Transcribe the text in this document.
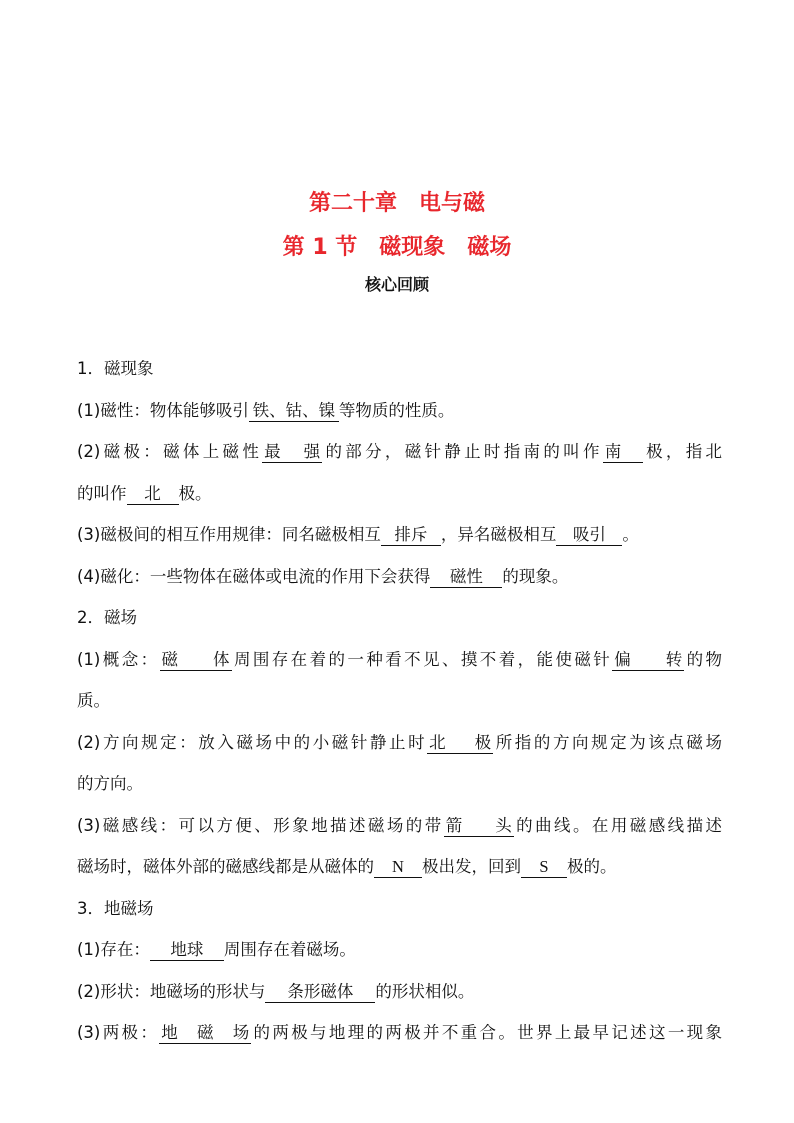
第二十章 电与磁
第 1 节 磁现象 磁场
核心回顾
1．磁现象
(1)磁性：物体能够吸引 铁、钴、镍 等物质的性质。
(2)磁极：磁体上磁性 最强 的部分，磁针静止时指南的叫作 南 极，指北
的叫作 北 极。
(3)磁极间的相互作用规律：同名磁极相互 排斥 ，异名磁极相互 吸引 。
(4)磁化：一些物体在磁体或电流的作用下会获得 磁性 的现象。
2．磁场
(1)概念： 磁体 周围存在着的一种看不见、摸不着，能使磁针 偏转 的物
质。
(2)方向规定：放入磁场中的小磁针静止时 北极 所指的方向规定为该点磁场
的方向。
(3)磁感线：可以方便、形象地描述磁场的带 箭头 的曲线。在用磁感线描述
磁场时，磁体外部的磁感线都是从磁体的 N 极出发，回到 S 极的。
3．地磁场
(1)存在： 地球 周围存在着磁场。
(2)形状：地磁场的形状与 条形磁体 的形状相似。
(3)两极： 地磁场 的两极与地理的两极并不重合。世界上最早记述这一现象
